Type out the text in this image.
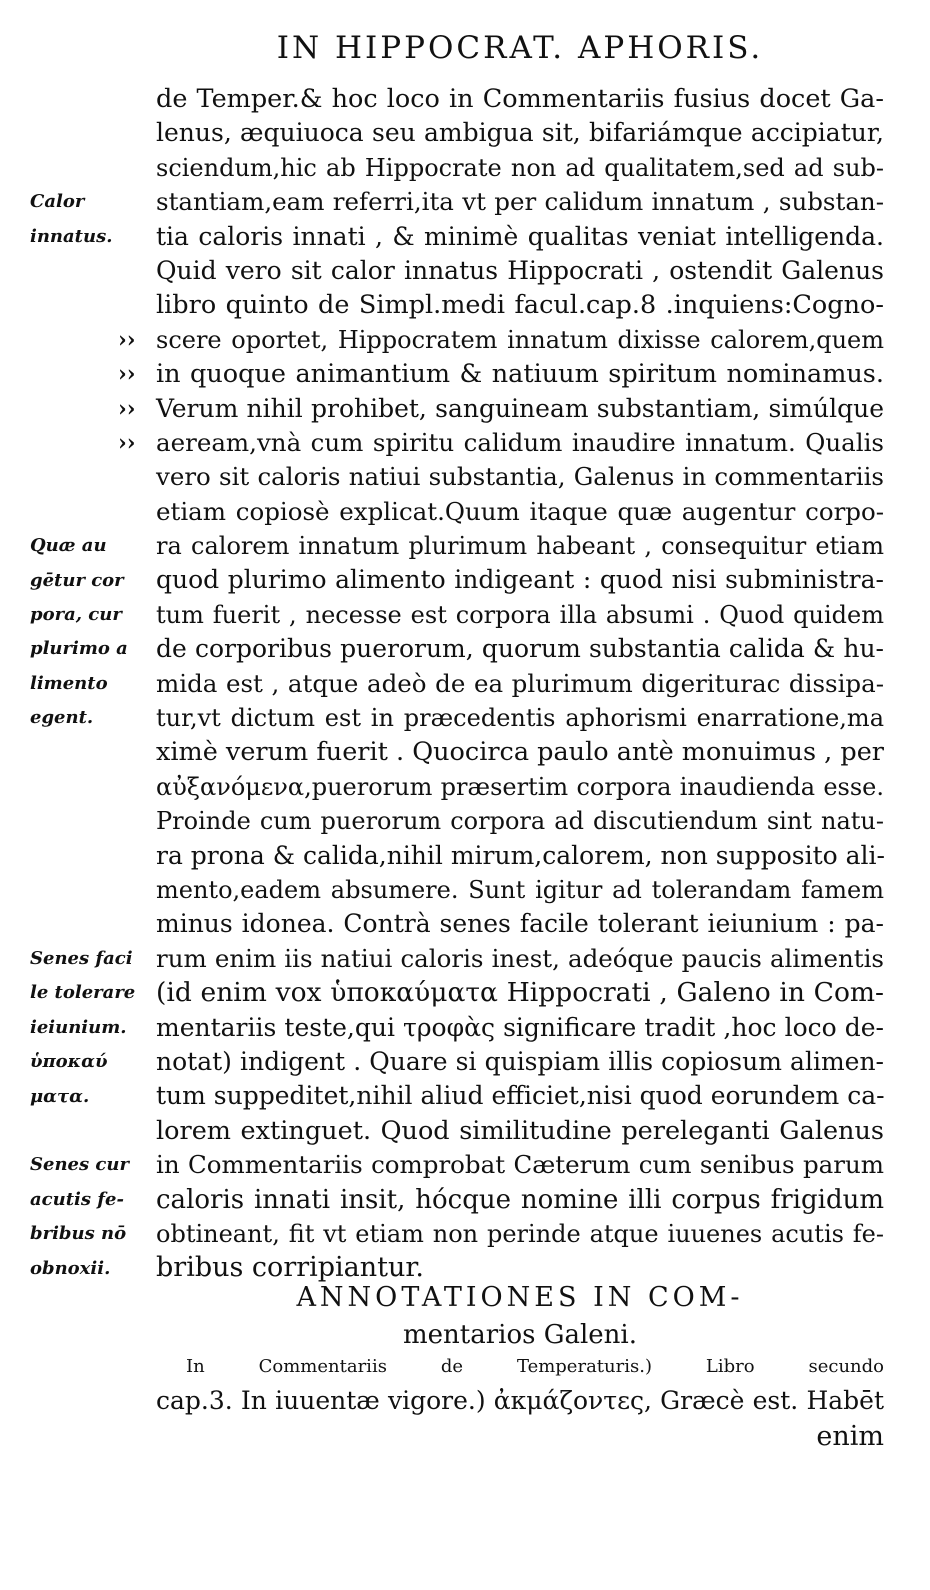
IN HIPPOCRAT. APHORIS.
Calor
innatus.
Quæ au
gētur cor
pora, cur
plurimo a
limento
egent.
Senes faci
le tolerare
ieiunium.
ὑποκαύ
ματα.
Senes cur
acutis fe-
bribus nō
obnoxii.
››
››
››
››
de Temper.& hoc loco in Commentariis fusius docet Ga-
lenus, æquiuoca seu ambigua sit, bifariámque accipiatur,
sciendum,hic ab Hippocrate non ad qualitatem,sed ad sub-
stantiam,eam referri,ita vt per calidum innatum , substan-
tia caloris innati , & minimè qualitas veniat intelligenda.
Quid vero sit calor innatus Hippocrati , ostendit Galenus
libro quinto de Simpl.medi facul.cap.8 .inquiens:Cogno-
scere oportet, Hippocratem innatum dixisse calorem,quem
in quoque animantium & natiuum spiritum nominamus.
Verum nihil prohibet, sanguineam substantiam, simúlque
aeream,vnà cum spiritu calidum inaudire innatum. Qualis
vero sit caloris natiui substantia, Galenus in commentariis
etiam copiosè explicat.Quum itaque quæ augentur corpo-
ra calorem innatum plurimum habeant , consequitur etiam
quod plurimo alimento indigeant : quod nisi subministra-
tum fuerit , necesse est corpora illa absumi . Quod quidem
de corporibus puerorum, quorum substantia calida & hu-
mida est , atque adeò de ea plurimum digeriturac dissipa-
tur,vt dictum est in præcedentis aphorismi enarratione,ma
ximè verum fuerit . Quocirca paulo antè monuimus , per
αὐξανόμενα,puerorum præsertim corpora inaudienda esse.
Proinde cum puerorum corpora ad discutiendum sint natu-
ra prona & calida,nihil mirum,calorem, non supposito ali-
mento,eadem absumere. Sunt igitur ad tolerandam famem
minus idonea. Contrà senes facile tolerant ieiunium : pa-
rum enim iis natiui caloris inest, adeóque paucis alimentis
(id enim vox ὑποκαύματα Hippocrati , Galeno in Com-
mentariis teste,qui τροφὰς significare tradit ,hoc loco de-
notat) indigent . Quare si quispiam illis copiosum alimen-
tum suppeditet,nihil aliud efficiet,nisi quod eorundem ca-
lorem extinguet. Quod similitudine pereleganti Galenus
in Commentariis comprobat Cæterum cum senibus parum
caloris innati insit, hócque nomine illi corpus frigidum
obtineant, fit vt etiam non perinde atque iuuenes acutis fe-
bribus corripiantur.
ANNOTATIONES IN COM-
mentarios Galeni.
In Commentariis de Temperaturis.) Libro secundo
cap.3. In iuuentæ vigore.) ἀκμάζοντες, Græcè est. Habēt
enim
